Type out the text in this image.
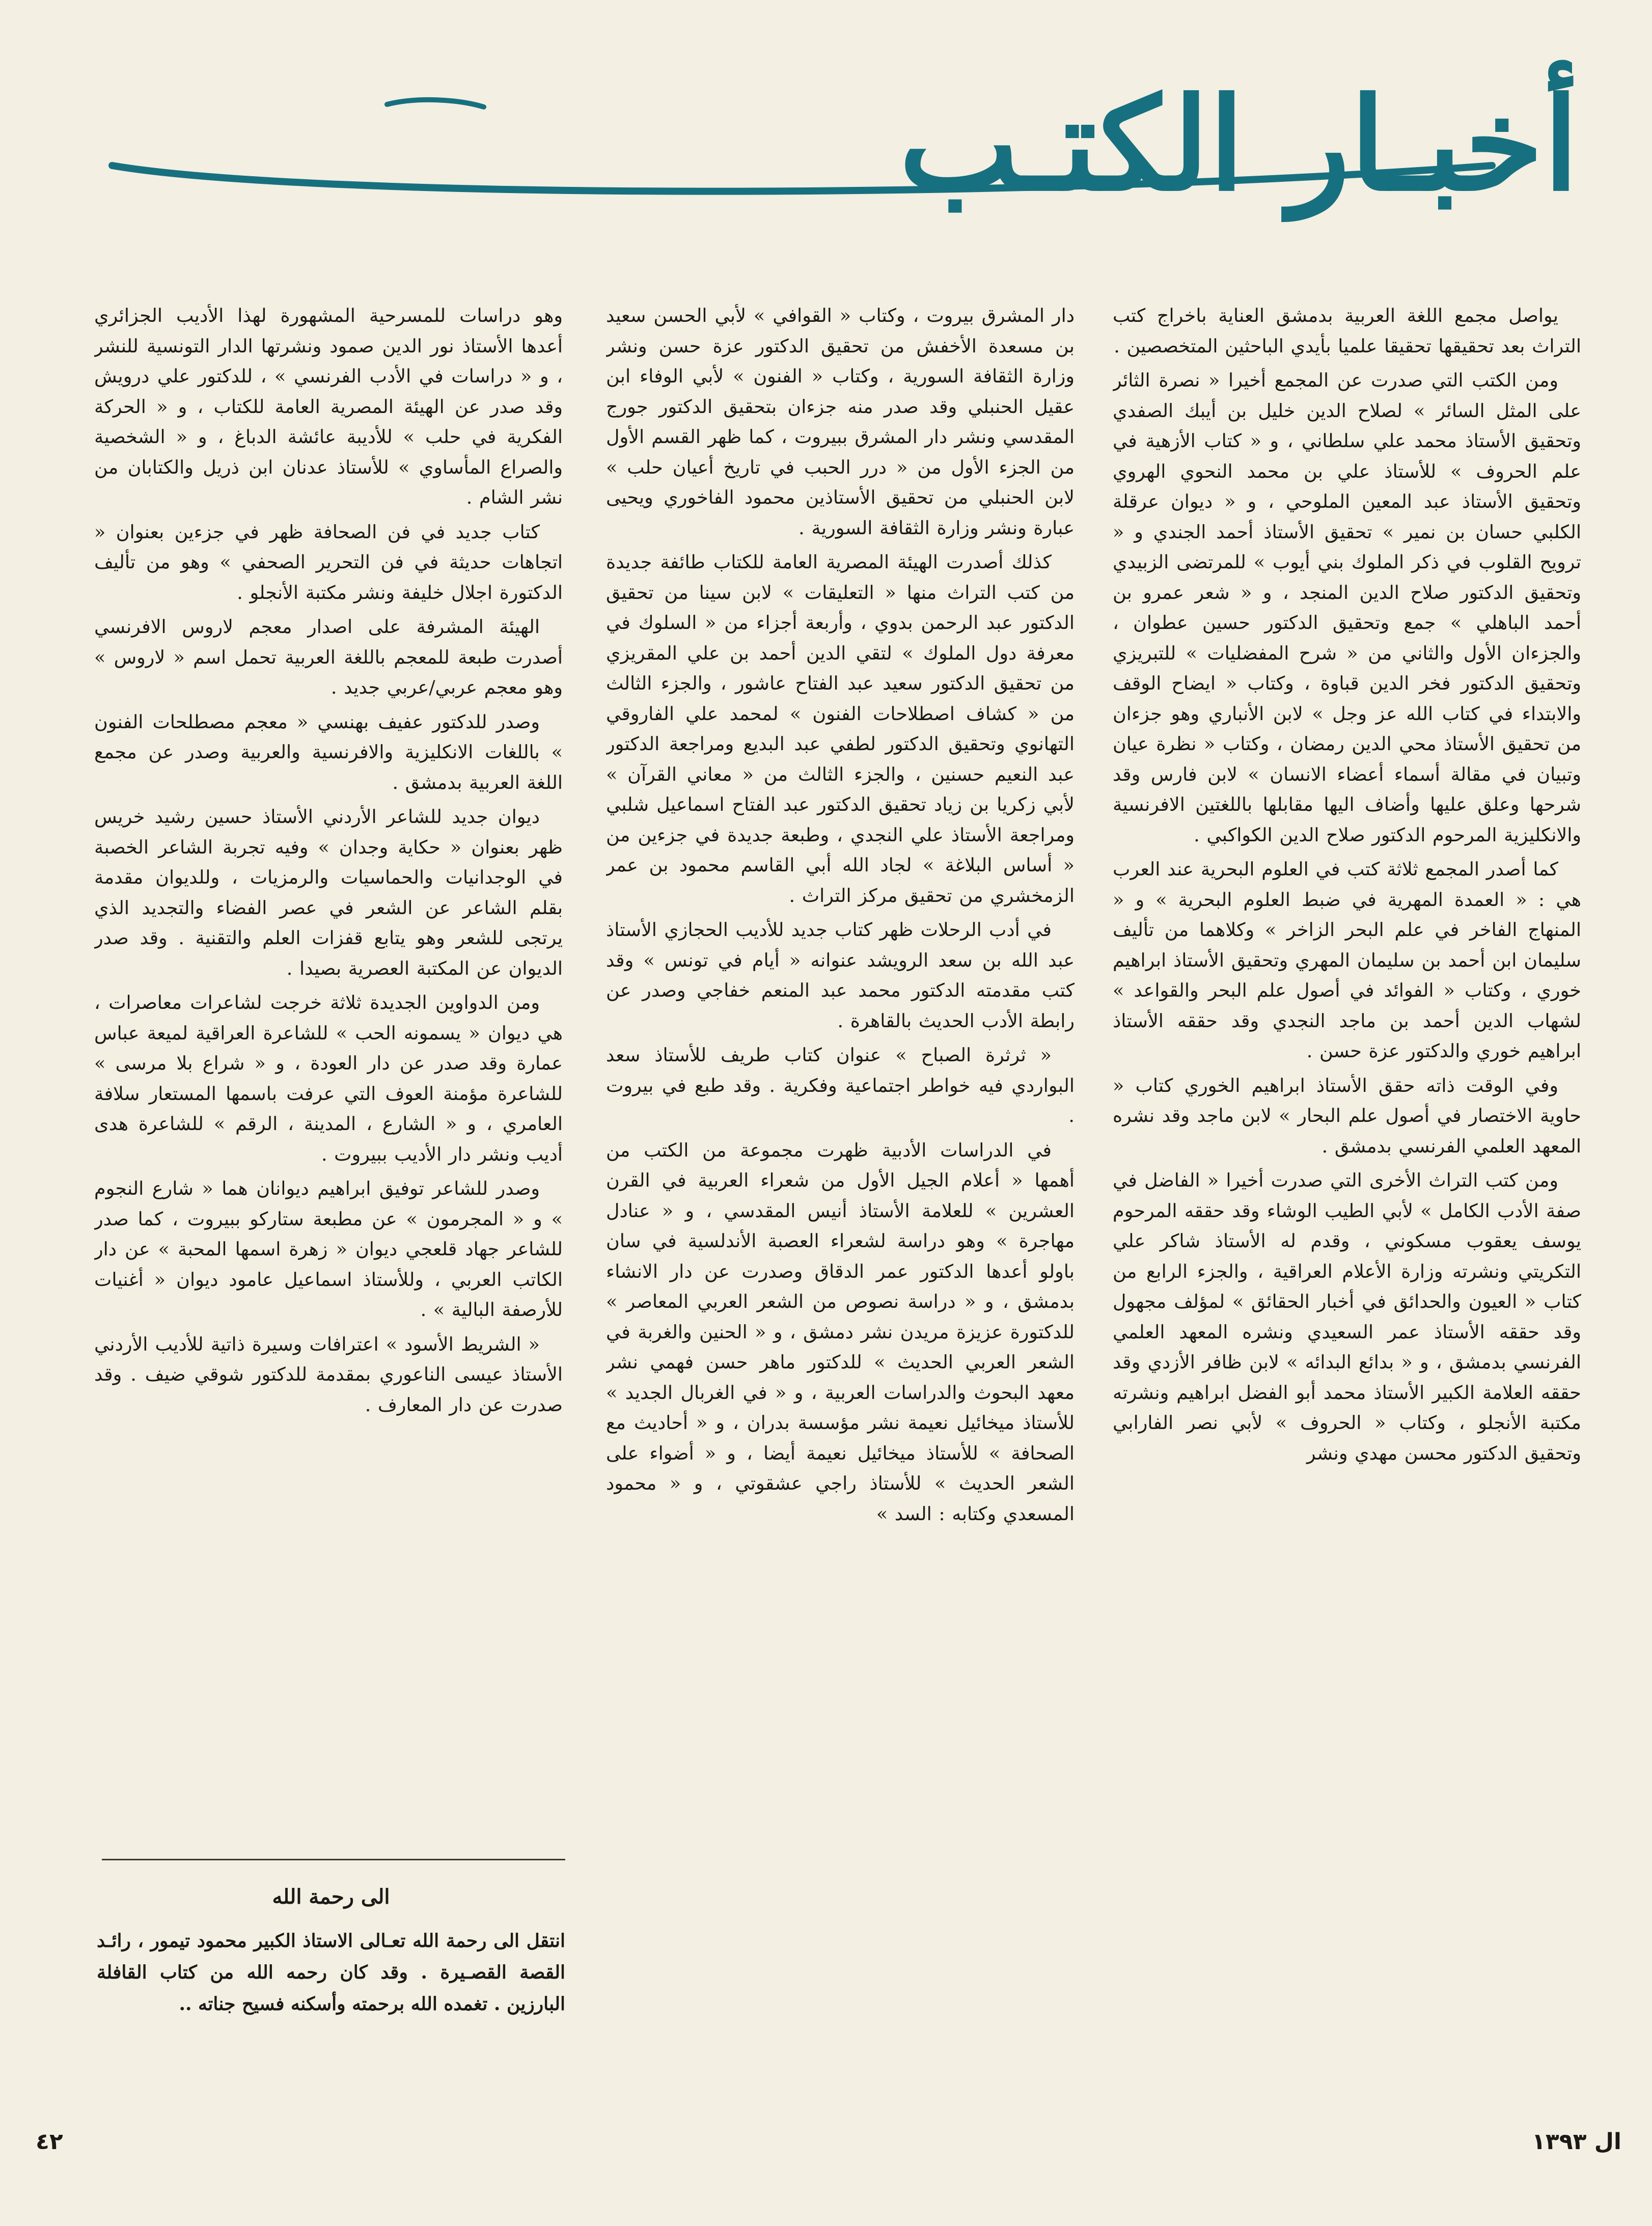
أخبـار الكتـب

يواصل مجمع اللغة العربية بدمشق العناية باخراج كتب التراث بعد تحقيقها تحقيقا علميا بأيدي الباحثين المتخصصين .

ومن الكتب التي صدرت عن المجمع أخيرا « نصرة الثائر على المثل السائر » لصلاح الدين خليل بن أيبك الصفدي وتحقيق الأستاذ محمد علي سلطاني ، و « كتاب الأزهية في علم الحروف » للأستاذ علي بن محمد النحوي الهروي وتحقيق الأستاذ عبد المعين الملوحي ، و « ديوان عرقلة الكلبي حسان بن نمير » تحقيق الأستاذ أحمد الجندي و « ترويح القلوب في ذكر الملوك بني أيوب » للمرتضى الزبيدي وتحقيق الدكتور صلاح الدين المنجد ، و « شعر عمرو بن أحمد الباهلي » جمع وتحقيق الدكتور حسين عطوان ، والجزءان الأول والثاني من « شرح المفضليات » للتبريزي وتحقيق الدكتور فخر الدين قباوة ، وكتاب « ايضاح الوقف والابتداء في كتاب الله عز وجل » لابن الأنباري وهو جزءان من تحقيق الأستاذ محي الدين رمضان ، وكتاب « نظرة عيان وتبيان في مقالة أسماء أعضاء الانسان » لابن فارس وقد شرحها وعلق عليها وأضاف اليها مقابلها باللغتين الافرنسية والانكليزية المرحوم الدكتور صلاح الدين الكواكبي .

كما أصدر المجمع ثلاثة كتب في العلوم البحرية عند العرب هي : « العمدة المهرية في ضبط العلوم البحرية » و « المنهاج الفاخر في علم البحر الزاخر » وكلاهما من تأليف سليمان ابن أحمد بن سليمان المهري وتحقيق الأستاذ ابراهيم خوري ، وكتاب « الفوائد في أصول علم البحر والقواعد » لشهاب الدين أحمد بن ماجد النجدي وقد حققه الأستاذ ابراهيم خوري والدكتور عزة حسن .

وفي الوقت ذاته حقق الأستاذ ابراهيم الخوري كتاب « حاوية الاختصار في أصول علم البحار » لابن ماجد وقد نشره المعهد العلمي الفرنسي بدمشق .

ومن كتب التراث الأخرى التي صدرت أخيرا « الفاضل في صفة الأدب الكامل » لأبي الطيب الوشاء وقد حققه المرحوم يوسف يعقوب مسكوني ، وقدم له الأستاذ شاكر علي التكريتي ونشرته وزارة الأعلام العراقية ، والجزء الرابع من كتاب « العيون والحدائق في أخبار الحقائق » لمؤلف مجهول وقد حققه الأستاذ عمر السعيدي ونشره المعهد العلمي الفرنسي بدمشق ، و « بدائع البدائه » لابن ظافر الأزدي وقد حققه العلامة الكبير الأستاذ محمد أبو الفضل ابراهيم ونشرته مكتبة الأنجلو ، وكتاب « الحروف » لأبي نصر الفارابي وتحقيق الدكتور محسن مهدي ونشر

دار المشرق بيروت ، وكتاب « القوافي » لأبي الحسن سعيد بن مسعدة الأخفش من تحقيق الدكتور عزة حسن ونشر وزارة الثقافة السورية ، وكتاب « الفنون » لأبي الوفاء ابن عقيل الحنبلي وقد صدر منه جزءان بتحقيق الدكتور جورج المقدسي ونشر دار المشرق ببيروت ، كما ظهر القسم الأول من الجزء الأول من « درر الحبب في تاريخ أعيان حلب » لابن الحنبلي من تحقيق الأستاذين محمود الفاخوري ويحيى عبارة ونشر وزارة الثقافة السورية .

كذلك أصدرت الهيئة المصرية العامة للكتاب طائفة جديدة من كتب التراث منها « التعليقات » لابن سينا من تحقيق الدكتور عبد الرحمن بدوي ، وأربعة أجزاء من « السلوك في معرفة دول الملوك » لتقي الدين أحمد بن علي المقريزي من تحقيق الدكتور سعيد عبد الفتاح عاشور ، والجزء الثالث من « كشاف اصطلاحات الفنون » لمحمد علي الفاروقي التهانوي وتحقيق الدكتور لطفي عبد البديع ومراجعة الدكتور عبد النعيم حسنين ، والجزء الثالث من « معاني القرآن » لأبي زكريا بن زياد تحقيق الدكتور عبد الفتاح اسماعيل شلبي ومراجعة الأستاذ علي النجدي ، وطبعة جديدة في جزءين من « أساس البلاغة » لجاد الله أبي القاسم محمود بن عمر الزمخشري من تحقيق مركز التراث .

في أدب الرحلات ظهر كتاب جديد للأديب الحجازي الأستاذ عبد الله بن سعد الرويشد عنوانه « أيام في تونس » وقد كتب مقدمته الدكتور محمد عبد المنعم خفاجي وصدر عن رابطة الأدب الحديث بالقاهرة .

« ثرثرة الصباح » عنوان كتاب طريف للأستاذ سعد البواردي فيه خواطر اجتماعية وفكرية . وقد طبع في بيروت .

في الدراسات الأدبية ظهرت مجموعة من الكتب من أهمها « أعلام الجيل الأول من شعراء العربية في القرن العشرين » للعلامة الأستاذ أنيس المقدسي ، و « عنادل مهاجرة » وهو دراسة لشعراء العصبة الأندلسية في سان باولو أعدها الدكتور عمر الدقاق وصدرت عن دار الانشاء بدمشق ، و « دراسة نصوص من الشعر العربي المعاصر » للدكتورة عزيزة مريدن نشر دمشق ، و « الحنين والغربة في الشعر العربي الحديث » للدكتور ماهر حسن فهمي نشر معهد البحوث والدراسات العربية ، و « في الغربال الجديد » للأستاذ ميخائيل نعيمة نشر مؤسسة بدران ، و « أحاديث مع الصحافة » للأستاذ ميخائيل نعيمة أيضا ، و « أضواء على الشعر الحديث » للأستاذ راجي عشقوتي ، و « محمود المسعدي وكتابه : السد »

وهو دراسات للمسرحية المشهورة لهذا الأديب الجزائري أعدها الأستاذ نور الدين صمود ونشرتها الدار التونسية للنشر ، و « دراسات في الأدب الفرنسي » ، للدكتور علي درويش وقد صدر عن الهيئة المصرية العامة للكتاب ، و « الحركة الفكرية في حلب » للأديبة عائشة الدباغ ، و « الشخصية والصراع المأساوي » للأستاذ عدنان ابن ذريل والكتابان من نشر الشام .

كتاب جديد في فن الصحافة ظهر في جزءين بعنوان « اتجاهات حديثة في فن التحرير الصحفي » وهو من تأليف الدكتورة اجلال خليفة ونشر مكتبة الأنجلو .

الهيئة المشرفة على اصدار معجم لاروس الافرنسي أصدرت طبعة للمعجم باللغة العربية تحمل اسم « لاروس » وهو معجم عربي/عربي جديد .

وصدر للدكتور عفيف بهنسي « معجم مصطلحات الفنون » باللغات الانكليزية والافرنسية والعربية وصدر عن مجمع اللغة العربية بدمشق .

ديوان جديد للشاعر الأردني الأستاذ حسين رشيد خريس ظهر بعنوان « حكاية وجدان » وفيه تجربة الشاعر الخصبة في الوجدانيات والحماسيات والرمزيات ، وللديوان مقدمة بقلم الشاعر عن الشعر في عصر الفضاء والتجديد الذي يرتجى للشعر وهو يتابع قفزات العلم والتقنية . وقد صدر الديوان عن المكتبة العصرية بصيدا .

ومن الدواوين الجديدة ثلاثة خرجت لشاعرات معاصرات ، هي ديوان « يسمونه الحب » للشاعرة العراقية لميعة عباس عمارة وقد صدر عن دار العودة ، و « شراع بلا مرسى » للشاعرة مؤمنة العوف التي عرفت باسمها المستعار سلافة العامري ، و « الشارع ، المدينة ، الرقم » للشاعرة هدى أديب ونشر دار الأديب ببيروت .

وصدر للشاعر توفيق ابراهيم ديوانان هما « شارع النجوم » و « المجرمون » عن مطبعة ستاركو ببيروت ، كما صدر للشاعر جهاد قلعجي ديوان « زهرة اسمها المحبة » عن دار الكاتب العربي ، وللأستاذ اسماعيل عامود ديوان « أغنيات للأرصفة البالية » .

« الشريط الأسود » اعترافات وسيرة ذاتية للأديب الأردني الأستاذ عيسى الناعوري بمقدمة للدكتور شوقي ضيف . وقد صدرت عن دار المعارف .

الى رحمة الله
انتقل الى رحمة الله تعـالى الاستاذ الكبير محمود تيمور ، رائـد القصة القصـيرة . وقد كان رحمه الله من كتاب القافلة البارزين . تغمده الله برحمته وأسكنه فسيح جناته ..
٤٢	ال ١٣٩٣
